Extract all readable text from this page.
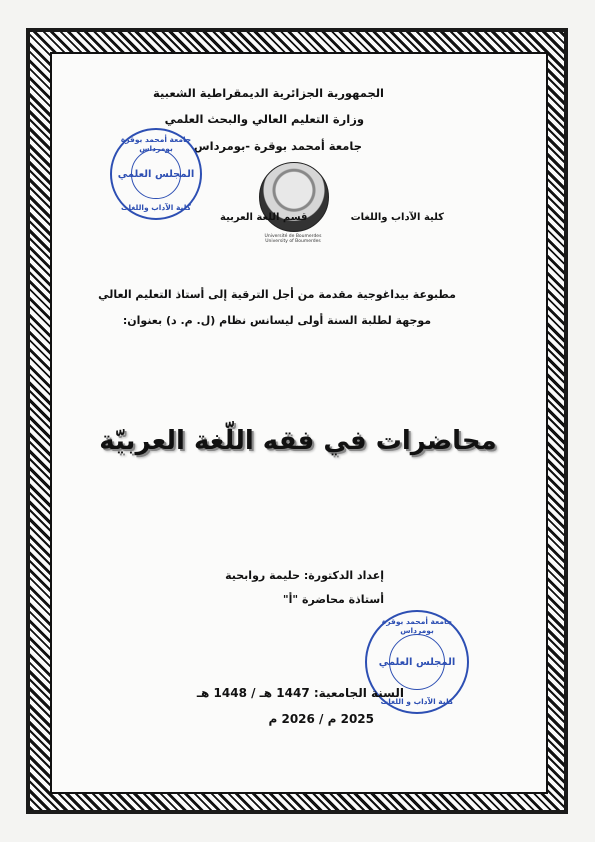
الجمهورية الجزائرية الديمقراطية الشعبية
وزارة التعليم العالي والبحث العلمي
جامعة أمحمد بوقرة -بومرداس
Université de Boumerdes University of Boumerdes
كلية الآداب واللغات
قسم اللغة العربية
جامعة أمحمد بوقرة بومرداس
المجلس العلمي
كلية الآداب واللغات
مطبوعة بيداغوجية مقدمة من أجل الترقية إلى أستاذ التعليم العالي
موجهة لطلبة السنة أولى ليسانس نظام (ل. م. د) بعنوان:
محاضرات في فقه اللّغة العربيّة
إعداد الدكتورة: حليمة روابحية
أستاذة محاضرة "أ"
جامعة أمحمد بوقرة بومرداس
المجلس العلمي
كلية الآداب و اللغات
السنة الجامعية: 1447 هـ / 1448 هـ
2025 م / 2026 م
